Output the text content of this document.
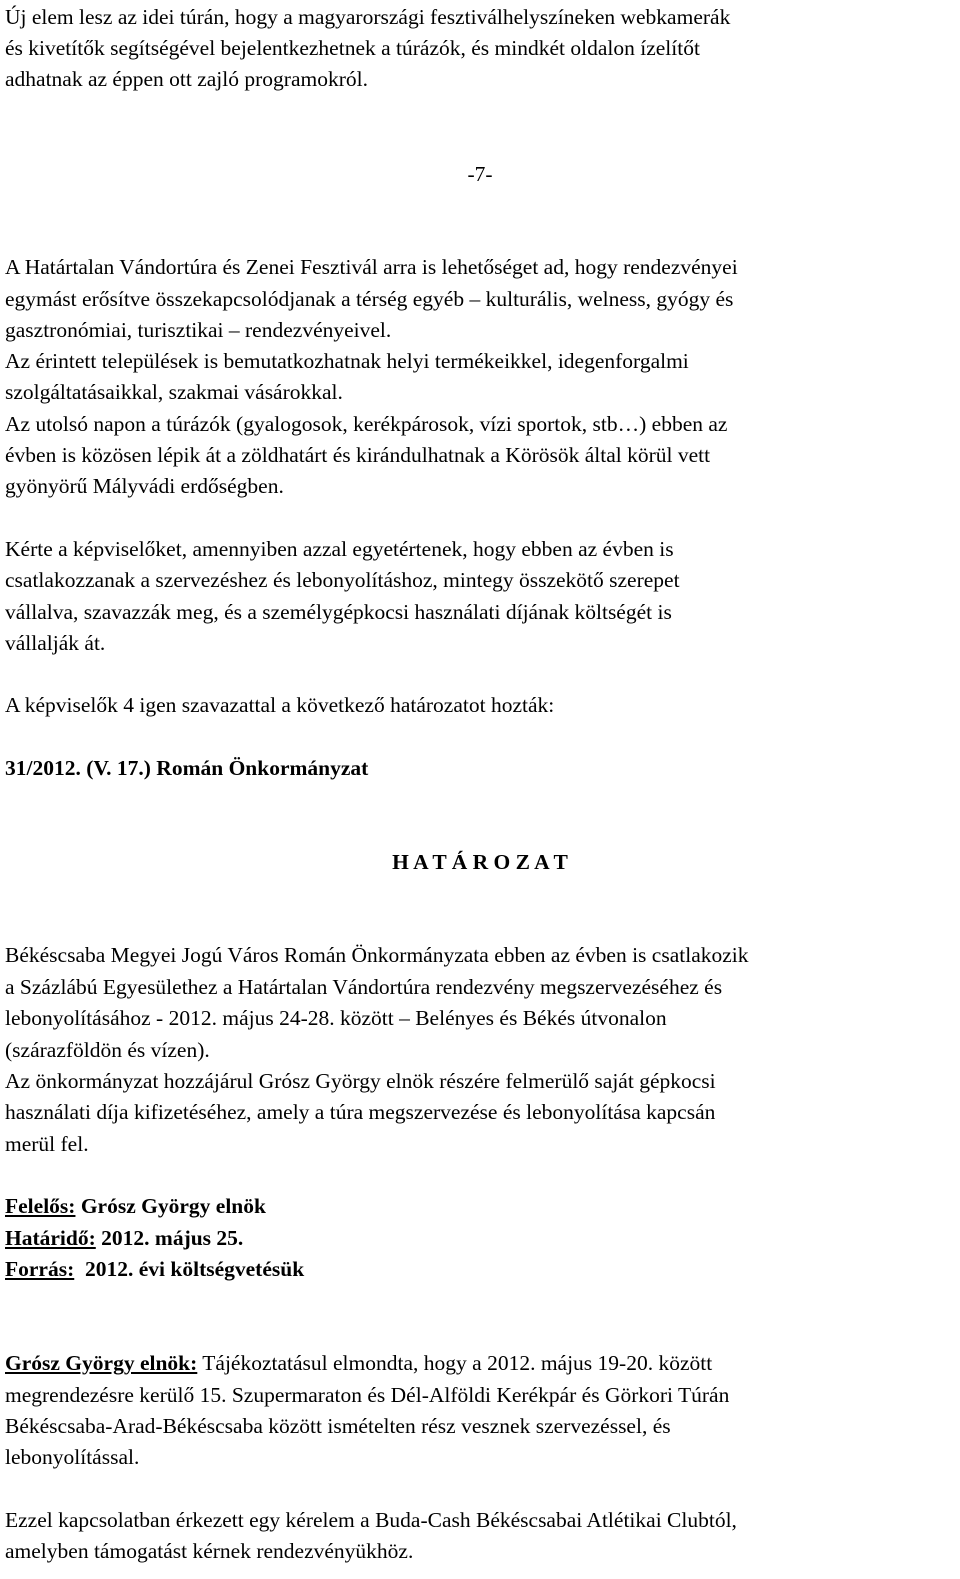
Új elem lesz az idei túrán, hogy a magyarországi fesztiválhelyszíneken webkamerák

és kivetítők segítségével bejelentkezhetnek a túrázók, és mindkét oldalon ízelítőt

adhatnak az éppen ott zajló programokról.

-7-

A Határtalan Vándortúra és Zenei Fesztivál arra is lehetőséget ad, hogy rendezvényei

egymást erősítve összekapcsolódjanak a térség egyéb – kulturális, welness, gyógy és

gasztronómiai, turisztikai – rendezvényeivel.

Az érintett települések is bemutatkozhatnak helyi termékeikkel, idegenforgalmi

szolgáltatásaikkal, szakmai vásárokkal.

Az utolsó napon a túrázók (gyalogosok, kerékpárosok, vízi sportok, stb…) ebben az

évben is közösen lépik át a zöldhatárt és kirándulhatnak a Körösök által körül vett

gyönyörű Mályvádi erdőségben.

Kérte a képviselőket, amennyiben azzal egyetértenek, hogy ebben az évben is

csatlakozzanak a szervezéshez és lebonyolításhoz, mintegy összekötő szerepet

vállalva, szavazzák meg, és a személygépkocsi használati díjának költségét is

vállalják át.

A képviselők 4 igen szavazattal a következő határozatot hozták:

31/2012. (V. 17.) Román Önkormányzat

H A T Á R O Z A T

Békéscsaba Megyei Jogú Város Román Önkormányzata ebben az évben is csatlakozik

a Százlábú Egyesülethez a Határtalan Vándortúra rendezvény megszervezéséhez és

lebonyolításához - 2012. május 24-28. között – Belényes és Békés útvonalon

(szárazföldön és vízen).

Az önkormányzat hozzájárul Grósz György elnök részére felmerülő saját gépkocsi

használati díja kifizetéséhez, amely a túra megszervezése és lebonyolítása kapcsán

merül fel.

Felelős: Grósz György elnök

Határidő: 2012. május 25.

Forrás:  2012. évi költségvetésük

Grósz György elnök: Tájékoztatásul elmondta, hogy a 2012. május 19-20. között

megrendezésre kerülő 15. Szupermaraton és Dél-Alföldi Kerékpár és Görkori Túrán

Békéscsaba-Arad-Békéscsaba között ismételten rész vesznek szervezéssel, és

lebonyolítással.

Ezzel kapcsolatban érkezett egy kérelem a Buda-Cash Békéscsabai Atlétikai Clubtól,

amelyben támogatást kérnek rendezvényükhöz.
